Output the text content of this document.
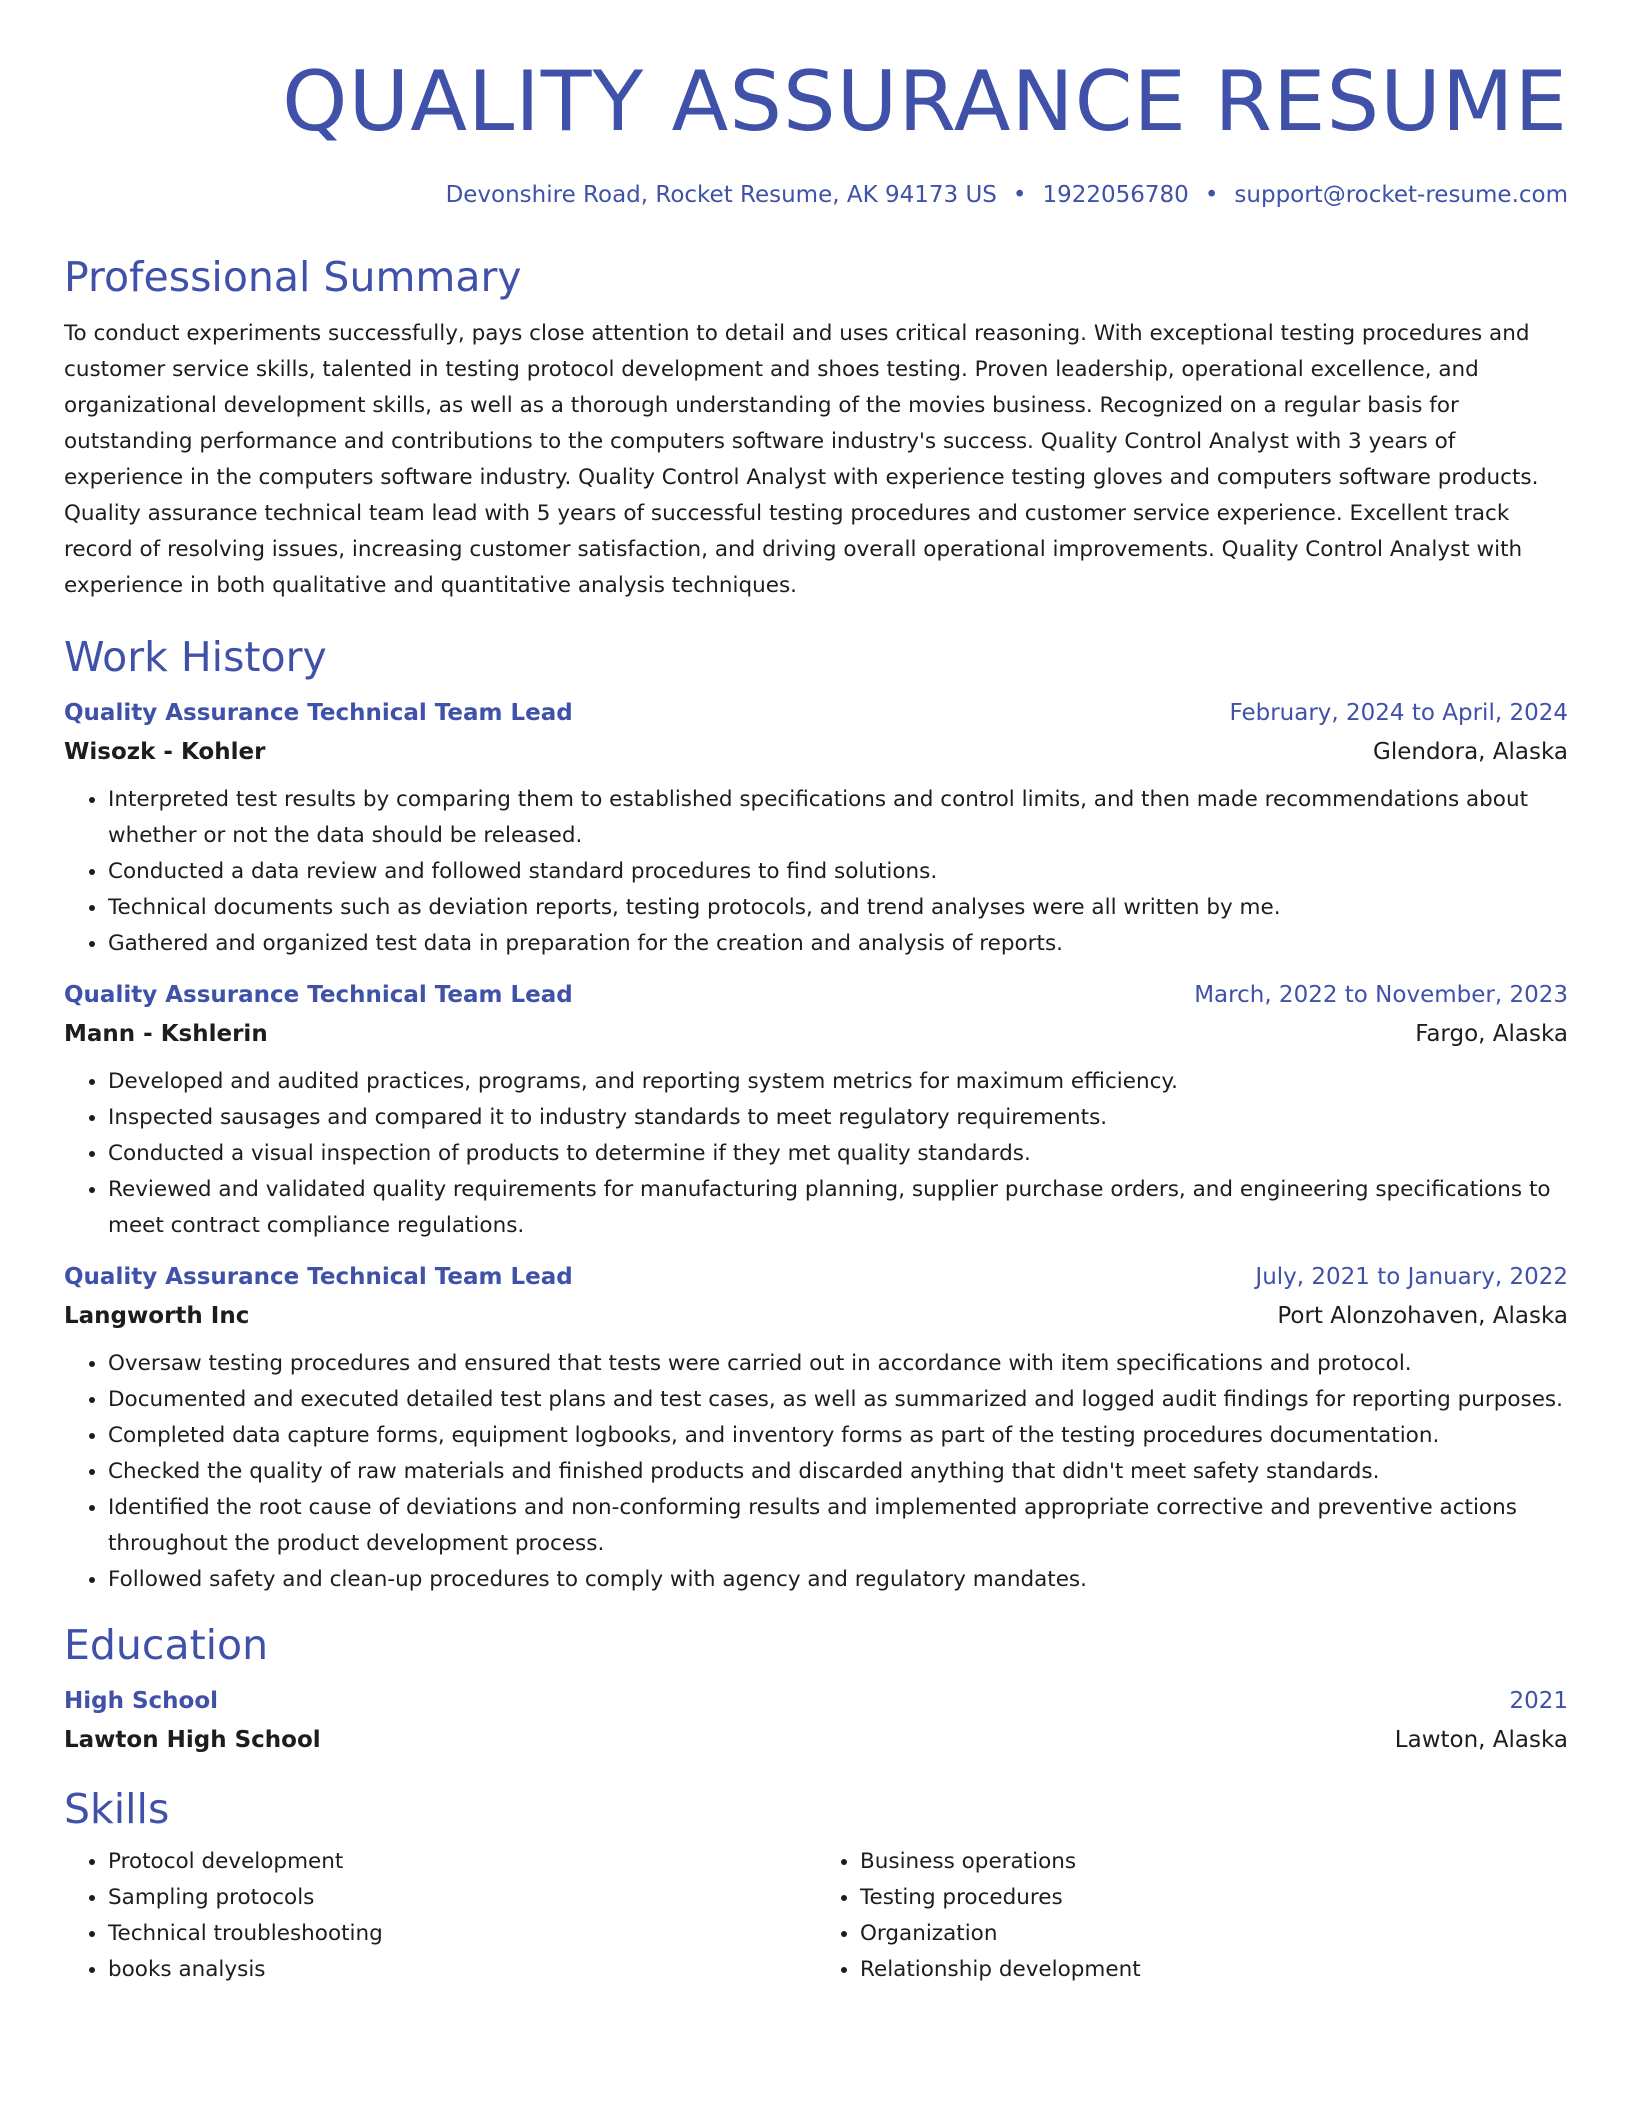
QUALITY ASSURANCE RESUME
Devonshire Road, Rocket Resume, AK 94173 US • 1922056780 • support@rocket-resume.com
Professional Summary

To conduct experiments successfully, pays close attention to detail and uses critical reasoning. With exceptional testing procedures and customer service skills, talented in testing protocol development and shoes testing. Proven leadership, operational excellence, and organizational development skills, as well as a thorough understanding of the movies business. Recognized on a regular basis for outstanding performance and contributions to the computers software industry's success. Quality Control Analyst with 3 years of experience in the computers software industry. Quality Control Analyst with experience testing gloves and computers software products. Quality assurance technical team lead with 5 years of successful testing procedures and customer service experience. Excellent track record of resolving issues, increasing customer satisfaction, and driving overall operational improvements. Quality Control Analyst with experience in both qualitative and quantitative analysis techniques.

Work History
Quality Assurance Technical Team Lead	February, 2024 to April, 2024
Wisozk - Kohler	Glendora, Alaska
• Interpreted test results by comparing them to established specifications and control limits, and then made recommendations about whether or not the data should be released.
• Conducted a data review and followed standard procedures to find solutions.
• Technical documents such as deviation reports, testing protocols, and trend analyses were all written by me.
• Gathered and organized test data in preparation for the creation and analysis of reports.
Quality Assurance Technical Team Lead	March, 2022 to November, 2023
Mann - Kshlerin	Fargo, Alaska
• Developed and audited practices, programs, and reporting system metrics for maximum efficiency.
• Inspected sausages and compared it to industry standards to meet regulatory requirements.
• Conducted a visual inspection of products to determine if they met quality standards.
• Reviewed and validated quality requirements for manufacturing planning, supplier purchase orders, and engineering specifications to meet contract compliance regulations.
Quality Assurance Technical Team Lead	July, 2021 to January, 2022
Langworth Inc	Port Alonzohaven, Alaska
• Oversaw testing procedures and ensured that tests were carried out in accordance with item specifications and protocol.
• Documented and executed detailed test plans and test cases, as well as summarized and logged audit findings for reporting purposes.
• Completed data capture forms, equipment logbooks, and inventory forms as part of the testing procedures documentation.
• Checked the quality of raw materials and finished products and discarded anything that didn't meet safety standards.
• Identified the root cause of deviations and non-conforming results and implemented appropriate corrective and preventive actions throughout the product development process.
• Followed safety and clean-up procedures to comply with agency and regulatory mandates.
Education
High School	2021
Lawton High School	Lawton, Alaska
Skills
• Protocol development
• Sampling protocols
• Technical troubleshooting
• books analysis
• Business operations
• Testing procedures
• Organization
• Relationship development
